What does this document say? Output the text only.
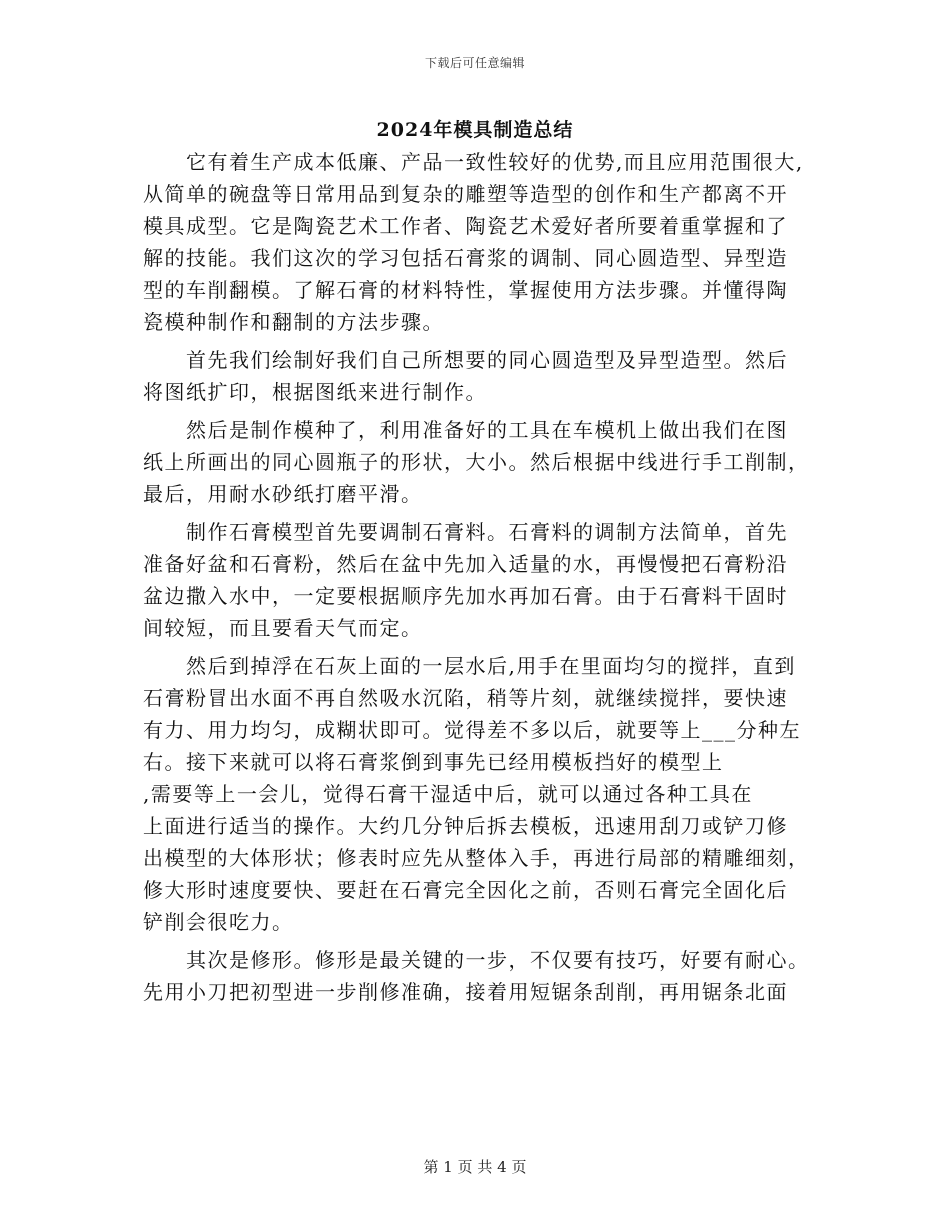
下载后可任意编辑
2024年模具制造总结

　　它有着生产成本低廉、产品一致性较好的优势,而且应用范围很大,
从简单的碗盘等日常用品到复杂的雕塑等造型的创作和生产都离不开
模具成型。它是陶瓷艺术工作者、陶瓷艺术爱好者所要着重掌握和了
解的技能。我们这次的学习包括石膏浆的调制、同心圆造型、异型造
型的车削翻模。了解石膏的材料特性，掌握使用方法步骤。并懂得陶
瓷模种制作和翻制的方法步骤。

　　首先我们绘制好我们自己所想要的同心圆造型及异型造型。然后
将图纸扩印，根据图纸来进行制作。

　　然后是制作模种了，利用准备好的工具在车模机上做出我们在图
纸上所画出的同心圆瓶子的形状，大小。然后根据中线进行手工削制，
最后，用耐水砂纸打磨平滑。

　　制作石膏模型首先要调制石膏料。石膏料的调制方法简单，首先
准备好盆和石膏粉，然后在盆中先加入适量的水，再慢慢把石膏粉沿
盆边撒入水中，一定要根据顺序先加水再加石膏。由于石膏料干固时
间较短，而且要看天气而定。

　　然后到掉浮在石灰上面的一层水后,用手在里面均匀的搅拌，直到
石膏粉冒出水面不再自然吸水沉陷，稍等片刻，就继续搅拌，要快速
有力、用力均匀，成糊状即可。觉得差不多以后，就要等上___分种左
右。接下来就可以将石膏浆倒到事先已经用模板挡好的模型上
,需要等上一会儿，觉得石膏干湿适中后，就可以通过各种工具在
上面进行适当的操作。大约几分钟后拆去模板，迅速用刮刀或铲刀修
出模型的大体形状；修表时应先从整体入手，再进行局部的精雕细刻，
修大形时速度要快、要赶在石膏完全因化之前，否则石膏完全固化后
铲削会很吃力。

　　其次是修形。修形是最关键的一步，不仅要有技巧，好要有耐心。
先用小刀把初型进一步削修准确，接着用短锯条刮削，再用锯条北面

第 1 页 共 4 页
